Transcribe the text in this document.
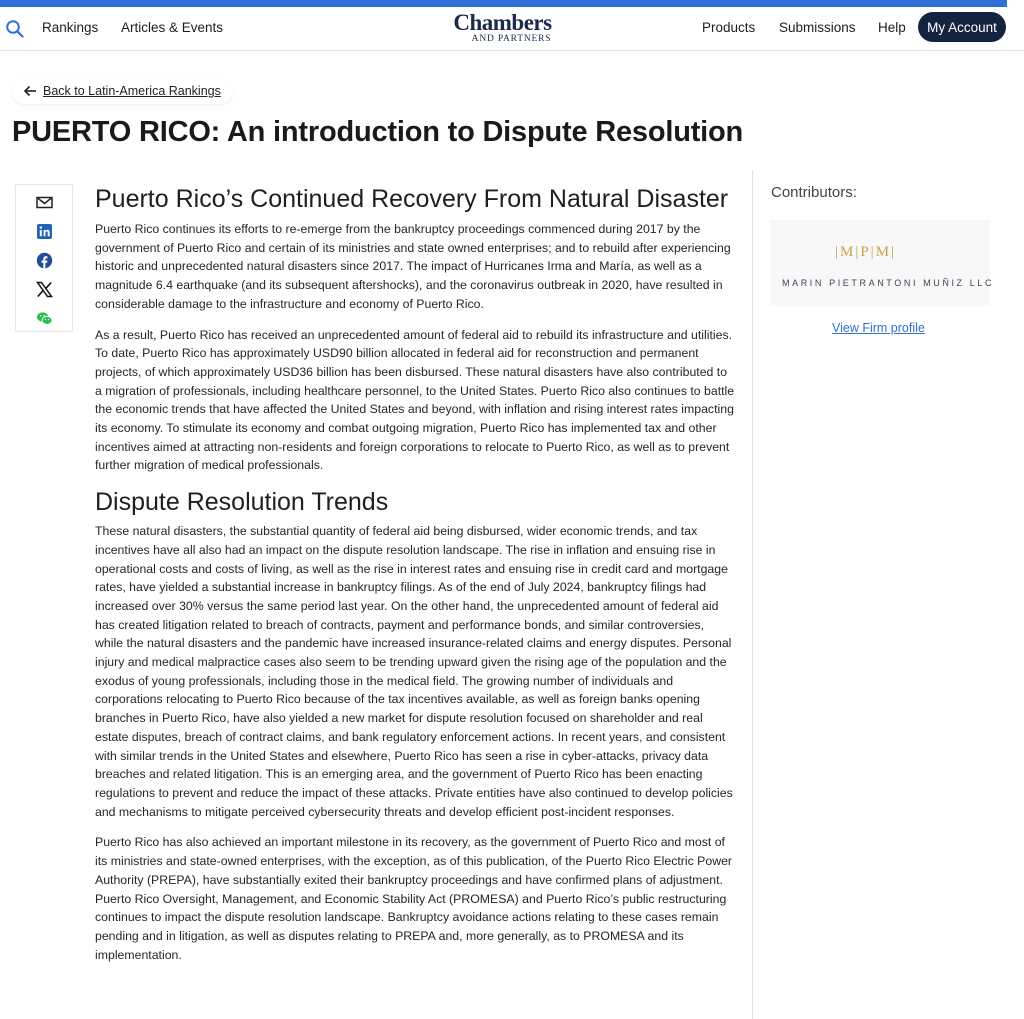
Rankings Articles & Events	Chambers
AND PARTNERS
Products Submissions Help	My Account
Back to Latin-America Rankings
PUERTO RICO: An introduction to Dispute Resolution
Puerto Rico’s Continued Recovery From Natural Disaster

Puerto Rico continues its efforts to re-emerge from the bankruptcy proceedings commenced during 2017 by the government of Puerto Rico and certain of its ministries and state owned enterprises; and to rebuild after experiencing historic and unprecedented natural disasters since 2017. The impact of Hurricanes Irma and María, as well as a magnitude 6.4 earthquake (and its subsequent aftershocks), and the coronavirus outbreak in 2020, have resulted in considerable damage to the infrastructure and economy of Puerto Rico.

As a result, Puerto Rico has received an unprecedented amount of federal aid to rebuild its infrastructure and utilities. To date, Puerto Rico has approximately USD90 billion allocated in federal aid for reconstruction and permanent projects, of which approximately USD36 billion has been disbursed. These natural disasters have also contributed to a migration of professionals, including healthcare personnel, to the United States. Puerto Rico also continues to battle the economic trends that have affected the United States and beyond, with inflation and rising interest rates impacting its economy. To stimulate its economy and combat outgoing migration, Puerto Rico has implemented tax and other incentives aimed at attracting non-residents and foreign corporations to relocate to Puerto Rico, as well as to prevent further migration of medical professionals.

Dispute Resolution Trends

These natural disasters, the substantial quantity of federal aid being disbursed, wider economic trends, and tax incentives have all also had an impact on the dispute resolution landscape. The rise in inflation and ensuing rise in operational costs and costs of living, as well as the rise in interest rates and ensuing rise in credit card and mortgage rates, have yielded a substantial increase in bankruptcy filings. As of the end of July 2024, bankruptcy filings had increased over 30% versus the same period last year. On the other hand, the unprecedented amount of federal aid has created litigation related to breach of contracts, payment and performance bonds, and similar controversies, while the natural disasters and the pandemic have increased insurance-related claims and energy disputes. Personal injury and medical malpractice cases also seem to be trending upward given the rising age of the population and the exodus of young professionals, including those in the medical field. The growing number of individuals and corporations relocating to Puerto Rico because of the tax incentives available, as well as foreign banks opening branches in Puerto Rico, have also yielded a new market for dispute resolution focused on shareholder and real estate disputes, breach of contract claims, and bank regulatory enforcement actions. In recent years, and consistent with similar trends in the United States and elsewhere, Puerto Rico has seen a rise in cyber-attacks, privacy data breaches and related litigation. This is an emerging area, and the government of Puerto Rico has been enacting regulations to prevent and reduce the impact of these attacks. Private entities have also continued to develop policies and mechanisms to mitigate perceived cybersecurity threats and develop efficient post-incident responses.

Puerto Rico has also achieved an important milestone in its recovery, as the government of Puerto Rico and most of its ministries and state-owned enterprises, with the exception, as of this publication, of the Puerto Rico Electric Power Authority (PREPA), have substantially exited their bankruptcy proceedings and have confirmed plans of adjustment. Puerto Rico Oversight, Management, and Economic Stability Act (PROMESA) and Puerto Rico’s public restructuring continues to impact the dispute resolution landscape. Bankruptcy avoidance actions relating to these cases remain pending and in litigation, as well as disputes relating to PREPA and, more generally, as to PROMESA and its implementation.

Contributors:
|M|P|M|
MARIN PIETRANTONI MUÑIZ LLC
View Firm profile
